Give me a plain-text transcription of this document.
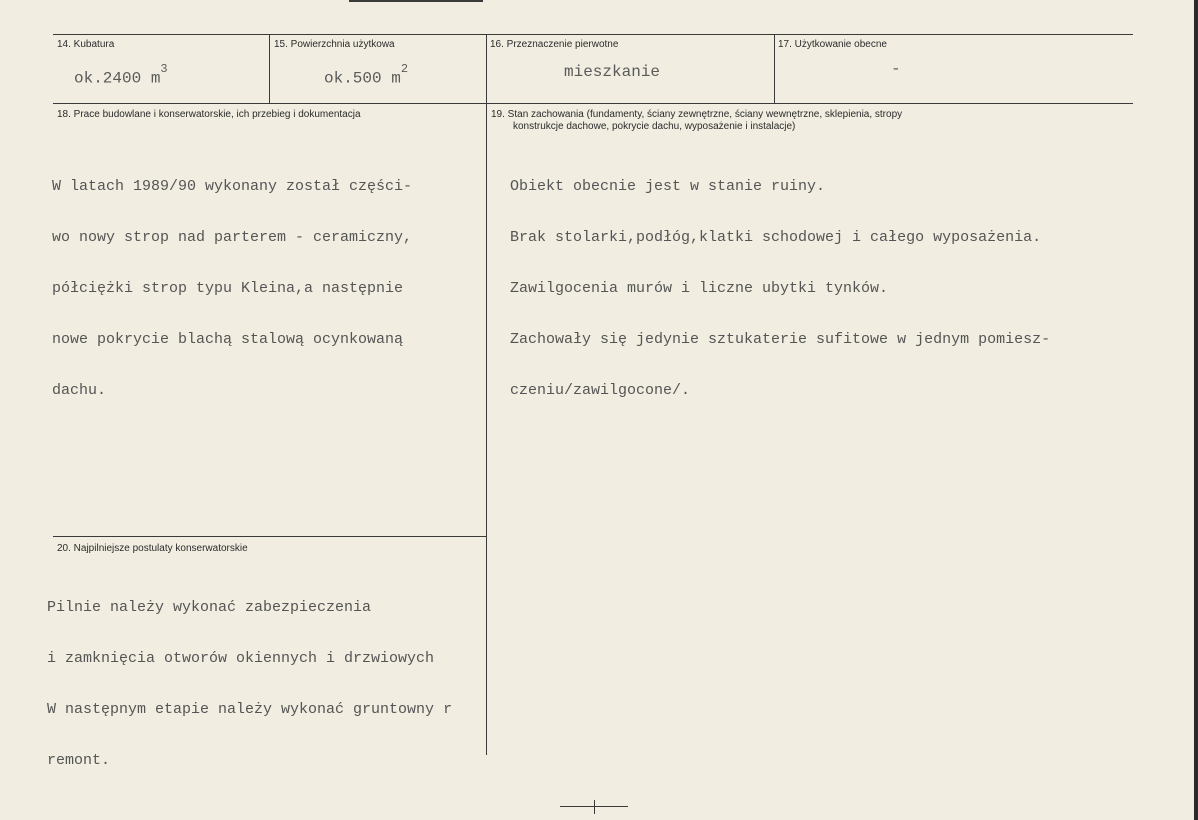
14. Kubatura
ok.2400 $m^3$
15. Powierzchnia użytkowa
ok.500 $m^2$
16. Przeznaczenie pierwotne
mieszkanie
17. Użytkowanie obecne
-
18. Prace budowlane i konserwatorskie, ich przebieg i dokumentacja

W latach 1989/90 wykonany został części-

wo nowy strop nad parterem - ceramiczny,

półciężki strop typu Kleina,a następnie

nowe pokrycie blachą stalową ocynkowaną

dachu.

19. Stan zachowania (fundamenty, ściany zewnętrzne, ściany wewnętrzne, sklepienia, stropy
konstrukcje dachowe, pokrycie dachu, wyposażenie i instalacje)

Obiekt obecnie jest w stanie ruiny.

Brak stolarki,podłóg,klatki schodowej i całego wyposażenia.

Zawilgocenia murów i liczne ubytki tynków.

Zachowały się jedynie sztukaterie sufitowe w jednym pomiesz-

czeniu/zawilgocone/.

20. Najpilniejsze postulaty konserwatorskie

Pilnie należy wykonać zabezpieczenia

i zamknięcia otworów okiennych i drzwiowych

W następnym etapie należy wykonać gruntowny r

remont.
